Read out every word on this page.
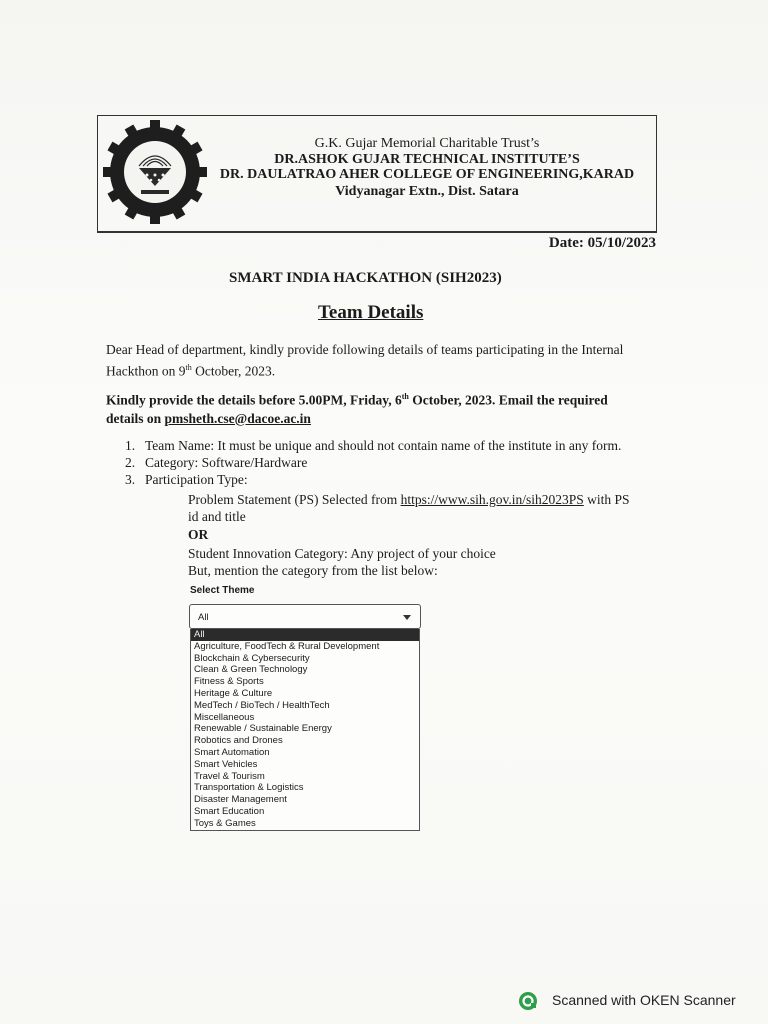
G.K. Gujar Memorial Charitable Trust’s
DR.ASHOK GUJAR TECHNICAL INSTITUTE’S
DR. DAULATRAO AHER COLLEGE OF ENGINEERING,KARAD
Vidyanagar Extn., Dist. Satara
Date: 05/10/2023
SMART INDIA HACKATHON (SIH2023)
Team Details
Dear Head of department, kindly provide following details of teams participating in the Internal Hackthon on 9th October, 2023.
Kindly provide the details before 5.00PM, Friday, 6th October, 2023. Email the required details on pmsheth.cse@dacoe.ac.in
1. Team Name: It must be unique and should not contain name of the institute in any form.
2. Category: Software/Hardware
3. Participation Type:
Problem Statement (PS) Selected from https://www.sih.gov.in/sih2023PS with PS
id and title
OR
Student Innovation Category: Any project of your choice
But, mention the category from the list below:
Select Theme
All
All
Agriculture, FoodTech & Rural Development
Blockchain & Cybersecurity
Clean & Green Technology
Fitness & Sports
Heritage & Culture
MedTech / BioTech / HealthTech
Miscellaneous
Renewable / Sustainable Energy
Robotics and Drones
Smart Automation
Smart Vehicles
Travel & Tourism
Transportation & Logistics
Disaster Management
Smart Education
Toys & Games
Scanned with OKEN Scanner
